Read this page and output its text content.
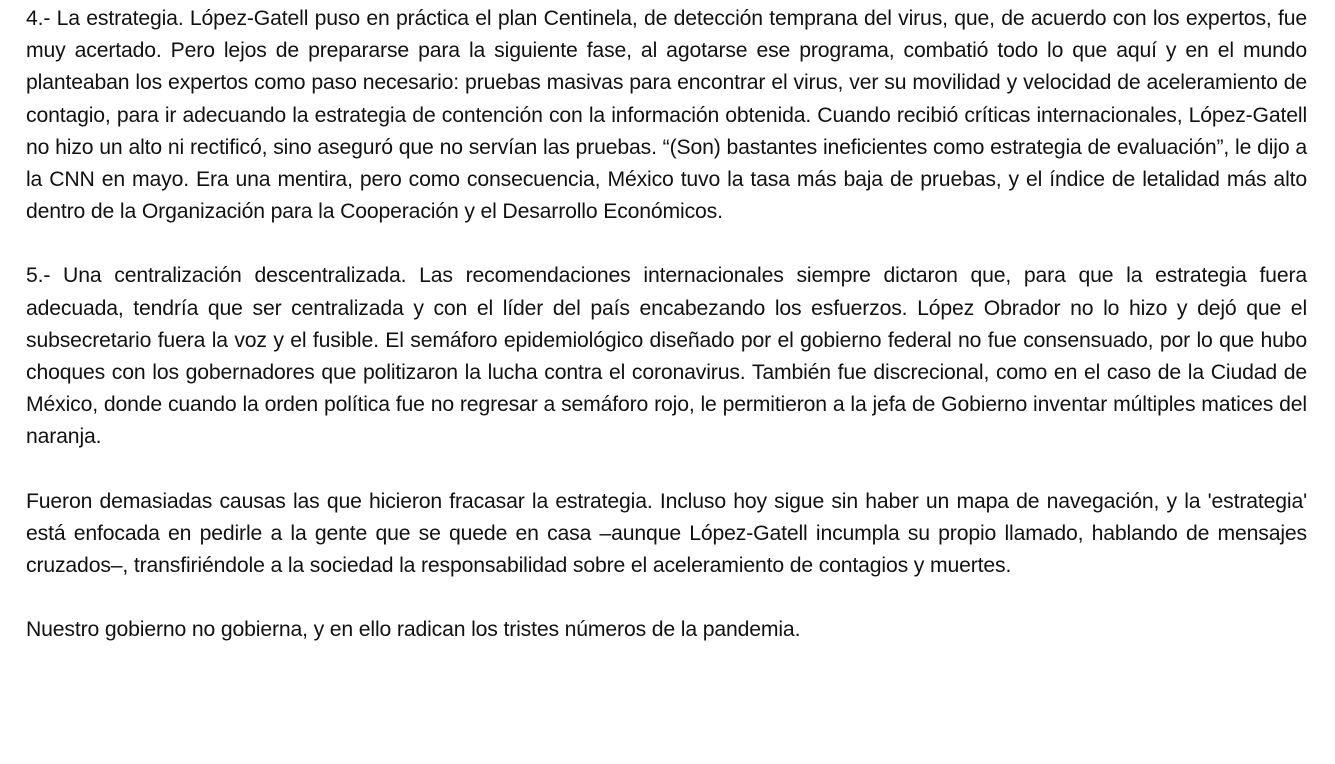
4.- La estrategia. López-Gatell puso en práctica el plan Centinela, de detección temprana del virus, que, de acuerdo con los expertos, fue muy acertado. Pero lejos de prepararse para la siguiente fase, al agotarse ese programa, combatió todo lo que aquí y en el mundo planteaban los expertos como paso necesario: pruebas masivas para encontrar el virus, ver su movilidad y velocidad de aceleramiento de contagio, para ir adecuando la estrategia de contención con la información obtenida. Cuando recibió críticas internacionales, López-Gatell no hizo un alto ni rectificó, sino aseguró que no servían las pruebas. “(Son) bastantes ineficientes como estrategia de evaluación”, le dijo a la CNN en mayo. Era una mentira, pero como consecuencia, México tuvo la tasa más baja de pruebas, y el índice de letalidad más alto dentro de la Organización para la Cooperación y el Desarrollo Económicos.

5.- Una centralización descentralizada. Las recomendaciones internacionales siempre dictaron que, para que la estrategia fuera adecuada, tendría que ser centralizada y con el líder del país encabezando los esfuerzos. López Obrador no lo hizo y dejó que el subsecretario fuera la voz y el fusible. El semáforo epidemiológico diseñado por el gobierno federal no fue consensuado, por lo que hubo choques con los gobernadores que politizaron la lucha contra el coronavirus. También fue discrecional, como en el caso de la Ciudad de México, donde cuando la orden política fue no regresar a semáforo rojo, le permitieron a la jefa de Gobierno inventar múltiples matices del naranja.

Fueron demasiadas causas las que hicieron fracasar la estrategia. Incluso hoy sigue sin haber un mapa de navegación, y la 'estrategia' está enfocada en pedirle a la gente que se quede en casa –aunque López-Gatell incumpla su propio llamado, hablando de mensajes cruzados–, transfiriéndole a la sociedad la responsabilidad sobre el aceleramiento de contagios y muertes.

Nuestro gobierno no gobierna, y en ello radican los tristes números de la pandemia.
